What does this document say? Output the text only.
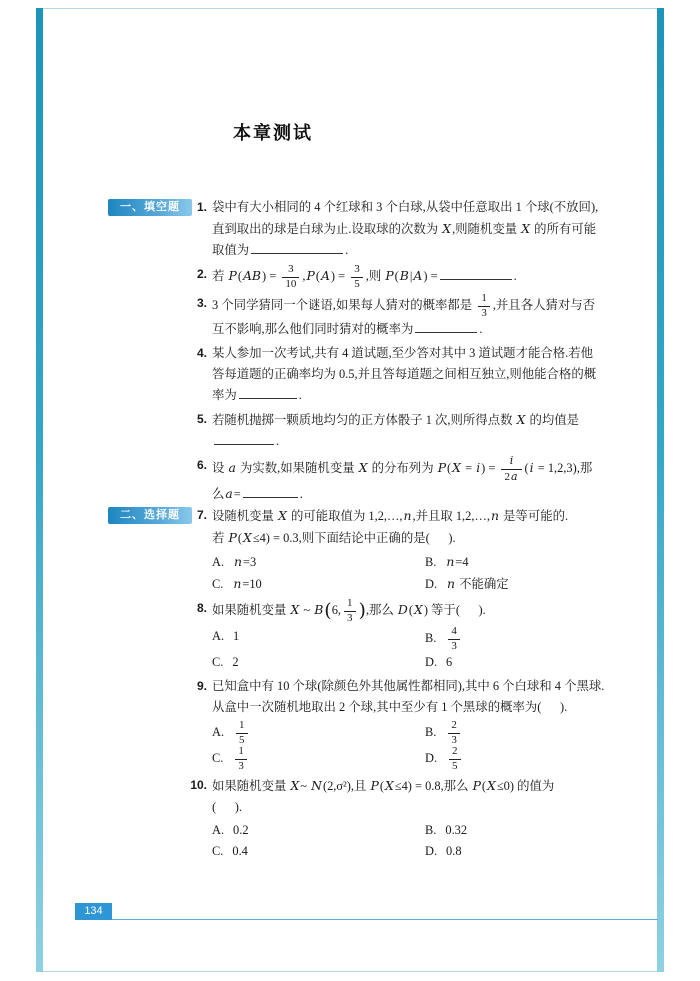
本章测试
一、填空题	1. 袋中有大小相同的 4 个红球和 3 个白球,从袋中任意取出 1 个球(不放回),
直到取出的球是白球为止.设取球的次数为 X,则随机变量 X 的所有可能
取值为	.
2. 若 $P(AB) = \frac{3}{10} ,P(A) = \frac{3}{5}$ ,则 P(B|A) =	.
3. 3 个同学猜同一个谜语,如果每人猜对的概率都是 $\frac{1}{3}$ ,并且各人猜对与否
互不影响,那么他们同时猜对的概率为	.
4. 某人参加一次考试,共有 4 道试题,至少答对其中 3 道试题才能合格.若他
答每道题的正确率均为 0.5,并且答每道题之间相互独立,则他能合格的概
率为	.
5. 若随机抛掷一颗质地均匀的正方体骰子 1 次,则所得点数 X 的均值是
.
6. 设 a 为实数,如果随机变量 X 的分布列为 $P(X = i) = \frac{i}{2a} (i = 1,2,3)$,那
么a=	.
二、选择题	7. 设随机变量 X 的可能取值为 1,2,…,n,并且取 1,2,…,n 是等可能的.
若 P(X≤4) = 0.3,则下面结论中正确的是(      ).
A. n=3	B. n=4
C. n=10	D. n 不能确定
8. 如果随机变量 X ~ B(6, $\frac{1}{3}$ ),那么 D(X) 等于(      ).
A. 1	B. $\frac{4}{3}$
C. 2	D. 6
9. 已知盒中有 10 个球(除颜色外其他属性都相同),其中 6 个白球和 4 个黑球.
从盒中一次随机地取出 2 个球,其中至少有 1 个黑球的概率为(      ).
A. $\frac{1}{5}$	B. $\frac{2}{3}$
C. $\frac{1}{3}$	D. $\frac{2}{5}$
10. 如果随机变量 X~ N(2,σ²),且 P(X≤4) = 0.8,那么 P(X≤0) 的值为
(      ).
A. 0.2	B. 0.32
C. 0.4	D. 0.8
134
